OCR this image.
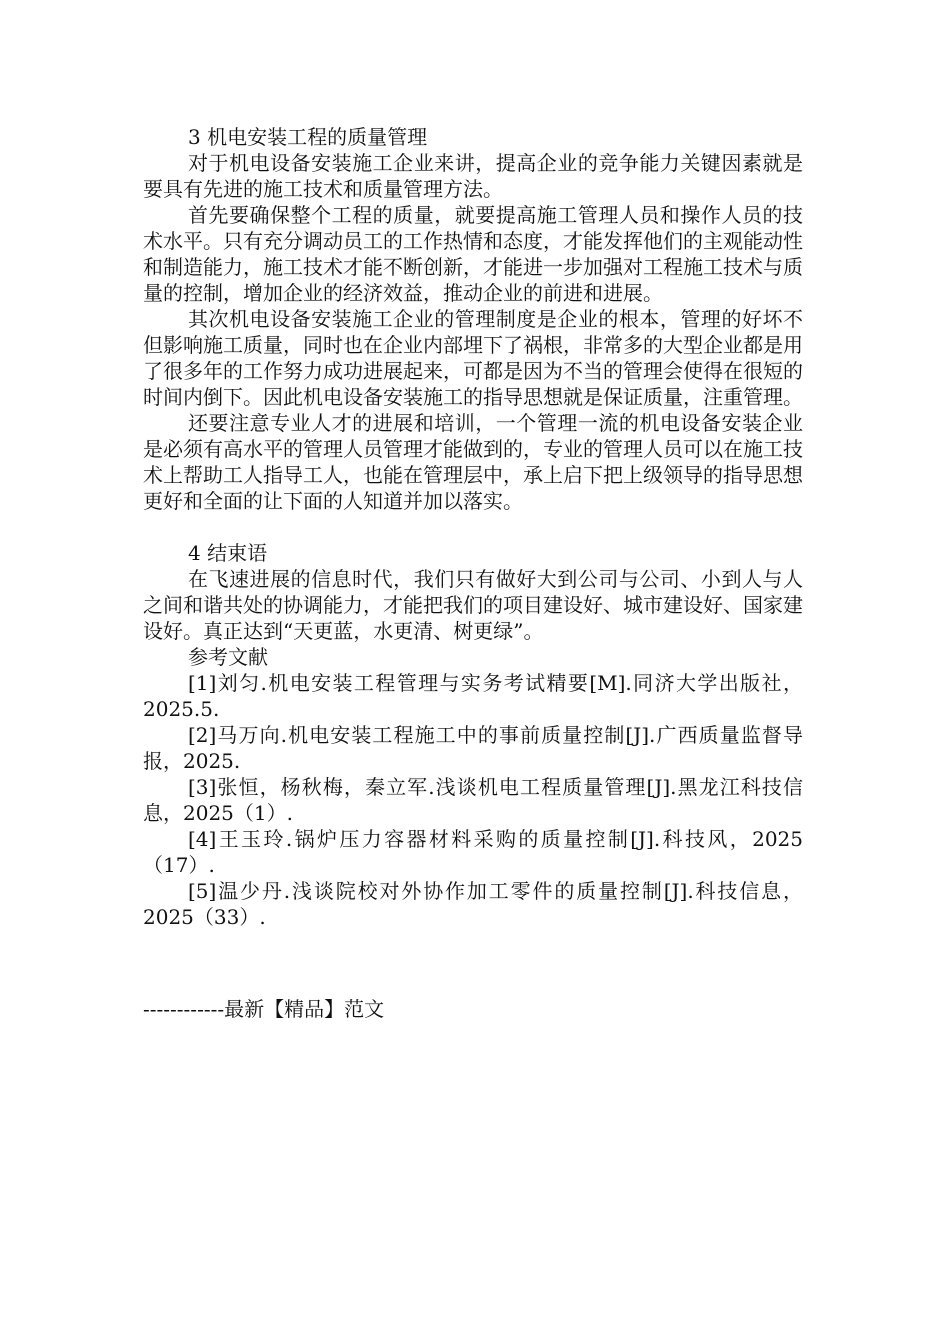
3 机电安装工程的质量管理

对于机电设备安装施工企业来讲，提高企业的竞争能力关键因素就是要具有先进的施工技术和质量管理方法。

首先要确保整个工程的质量，就要提高施工管理人员和操作人员的技术水平。只有充分调动员工的工作热情和态度，才能发挥他们的主观能动性和制造能力，施工技术才能不断创新，才能进一步加强对工程施工技术与质量的控制，增加企业的经济效益，推动企业的前进和进展。

其次机电设备安装施工企业的管理制度是企业的根本，管理的好坏不但影响施工质量，同时也在企业内部埋下了祸根，非常多的大型企业都是用了很多年的工作努力成功进展起来，可都是因为不当的管理会使得在很短的时间内倒下。因此机电设备安装施工的指导思想就是保证质量，注重管理。

还要注意专业人才的进展和培训，一个管理一流的机电设备安装企业是必须有高水平的管理人员管理才能做到的，专业的管理人员可以在施工技术上帮助工人指导工人，也能在管理层中，承上启下把上级领导的指导思想更好和全面的让下面的人知道并加以落实。

4 结束语

在飞速进展的信息时代，我们只有做好大到公司与公司、小到人与人之间和谐共处的协调能力，才能把我们的项目建设好、城市建设好、国家建设好。真正达到“天更蓝，水更清、树更绿”。

参考文献

[1]刘匀.机电安装工程管理与实务考试精要[M].同济大学出版社，2025.5.

[2]马万向.机电安装工程施工中的事前质量控制[J].广西质量监督导报，2025.

[3]张恒，杨秋梅，秦立军.浅谈机电工程质量管理[J].黑龙江科技信息，2025（1）.

[4]王玉玲.锅炉压力容器材料采购的质量控制[J].科技风，2025（17）.

[5]温少丹.浅谈院校对外协作加工零件的质量控制[J].科技信息，2025（33）.

------------最新【精品】范文
